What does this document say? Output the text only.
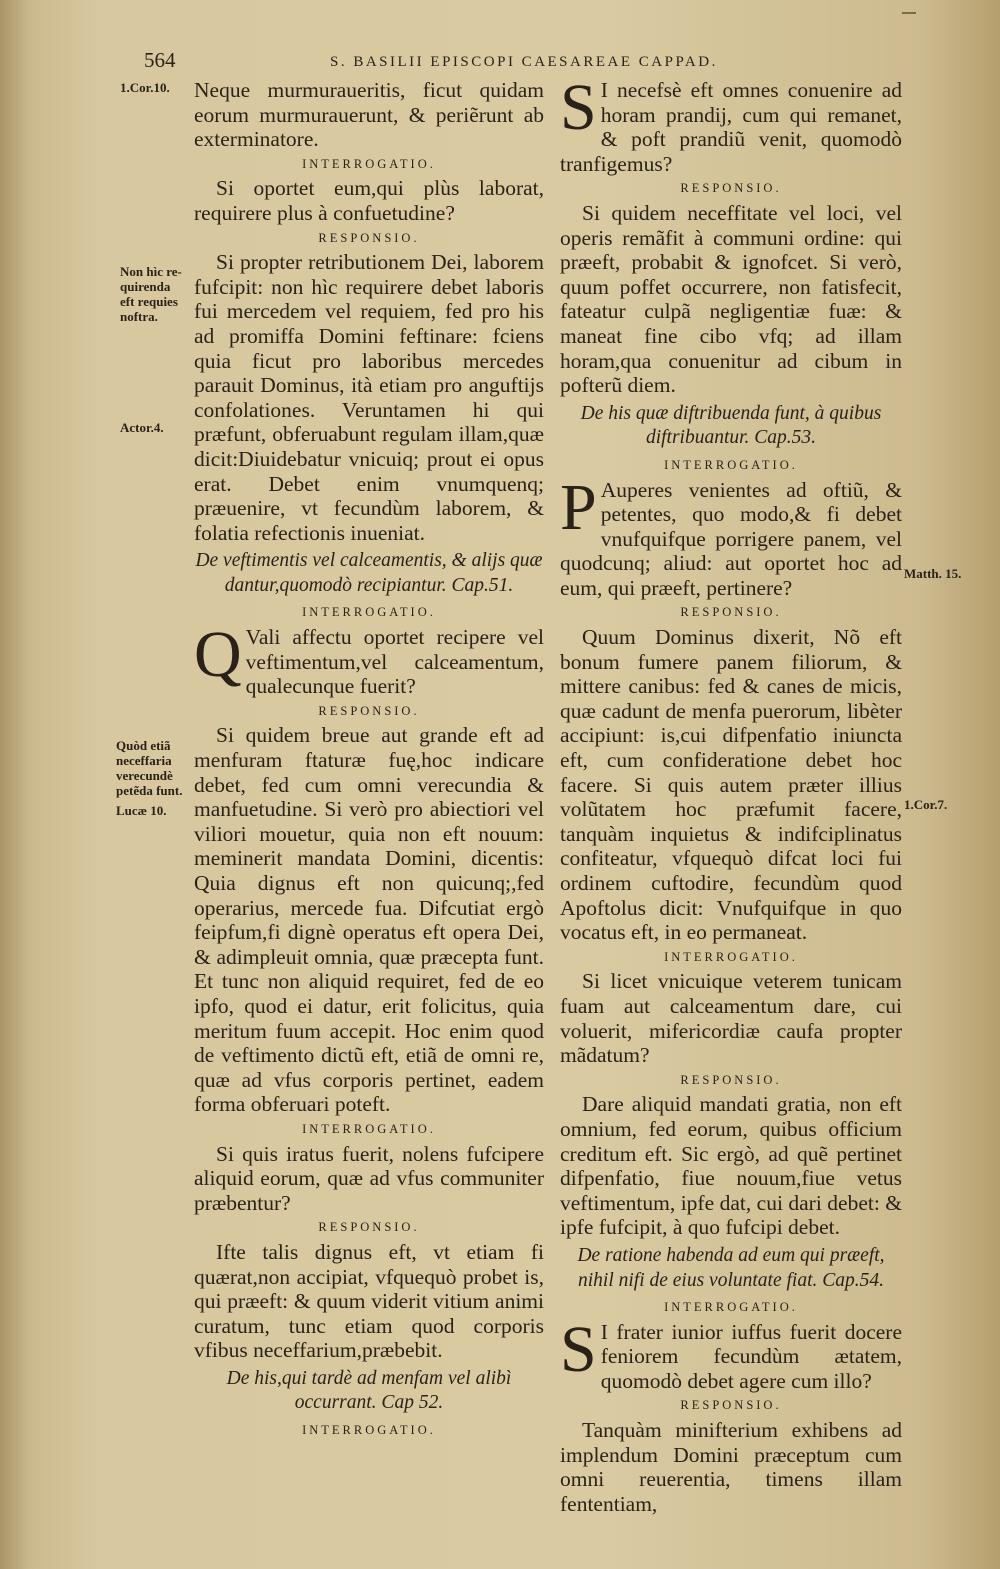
564	S. BASILII EPISCOPI CAESAREAE CAPPAD.

Neque murmuraueritis, ficut quidam eorum murmurauerunt, & periẽrunt ab exterminatore.

INTERROGATIO.

Si oportet eum,qui plùs laborat, requirere plus à confuetudine?

RESPONSIO.

Si propter retributionem Dei, laborem fufcipit: non hìc requirere debet laboris fui mercedem vel requiem, fed pro his ad promiffa Domini feftinare: fciens quia ficut pro laboribus mercedes parauit Dominus, ità etiam pro anguftijs confolationes. Veruntamen hi qui præfunt, obferuabunt regulam illam,quæ dicit:Diuidebatur vnicuiq; prout ei opus erat. Debet enim vnumquenq; præuenire, vt fecundùm laborem, & folatia refectionis inueniat.

De veftimentis vel calceamentis, & alijs quæ dantur,quomodò recipiantur. Cap.51.

INTERROGATIO.

Q Vali affectu oportet recipere vel veftimentum,vel calceamentum, qualecunque fuerit?

RESPONSIO.

Si quidem breue aut grande eft ad menfuram ftaturæ fuę,hoc indicare debet, fed cum omni verecundia & manfuetudine. Si verò pro abiectiori vel viliori mouetur, quia non eft nouum: meminerit mandata Domini, dicentis: Quia dignus eft non quicunq;,fed operarius, mercede fua. Difcutiat ergò feipfum,fi dignè operatus eft opera Dei, & adimpleuit omnia, quæ præcepta funt. Et tunc non aliquid requiret, fed de eo ipfo, quod ei datur, erit folicitus, quia meritum fuum accepit. Hoc enim quod de veftimento dictũ eft, etiã de omni re, quæ ad vfus corporis pertinet, eadem forma obferuari poteft.

INTERROGATIO.

Si quis iratus fuerit, nolens fufcipere aliquid eorum, quæ ad vfus communiter præbentur?

RESPONSIO.

Ifte talis dignus eft, vt etiam fi quærat,non accipiat, vfquequò probet is, qui præeft: & quum viderit vitium animi curatum, tunc etiam quod corporis vfibus neceffarium,præbebit.

De his,qui tardè ad menfam vel alibì occurrant. Cap 52.

INTERROGATIO.

S I necefsè eft omnes conuenire ad horam prandij, cum qui remanet, & poft prandiũ venit, quomodò tranfigemus?

RESPONSIO.

Si quidem neceffitate vel loci, vel operis remãfit à communi ordine: qui præeft, probabit & ignofcet. Si verò, quum poffet occurrere, non fatisfecit, fateatur culpã negligentiæ fuæ: & maneat fine cibo vfq; ad illam horam,qua conuenitur ad cibum in pofterũ diem.

De his quæ diftribuenda funt, à quibus diftribuantur. Cap.53.

INTERROGATIO.

P Auperes venientes ad oftiũ, & petentes, quo modo,& fi debet vnufquifque porrigere panem, vel quodcunq; aliud: aut oportet hoc ad eum, qui præeft, pertinere?

RESPONSIO.

Quum Dominus dixerit, Nõ eft bonum fumere panem filiorum, & mittere canibus: fed & canes de micis, quæ cadunt de menfa puerorum, libèter accipiunt: is,cui difpenfatio iniuncta eft, cum confideratione debet hoc facere. Si quis autem præter illius volũtatem hoc præfumit facere, tanquàm inquietus & indifciplinatus confiteatur, vfquequò difcat loci fui ordinem cuftodire, fecundùm quod Apoftolus dicit: Vnufquifque in quo vocatus eft, in eo permaneat.

INTERROGATIO.

Si licet vnicuique veterem tunicam fuam aut calceamentum dare, cui voluerit, mifericordiæ caufa propter mãdatum?

RESPONSIO.

Dare aliquid mandati gratia, non eft omnium, fed eorum, quibus officium creditum eft. Sic ergò, ad quẽ pertinet difpenfatio, fiue nouum,fiue vetus veftimentum, ipfe dat, cui dari debet: & ipfe fufcipit, à quo fufcipi debet.

De ratione habenda ad eum qui præeft, nihil nifi de eius voluntate fiat. Cap.54.

INTERROGATIO.

S I frater iunior iuffus fuerit docere feniorem fecundùm ætatem, quomodò debet agere cum illo?

RESPONSIO.

Tanquàm minifterium exhibens ad implendum Domini præceptum cum omni reuerentia, timens illam fententiam,

1.Cor.10.
Non hìc re-
quirenda
eft requies
noftra.
Actor.4.
Quòd etiã
neceffaria
verecundè
petẽda funt.
Lucæ 10.
Matth. 15.
1.Cor.7.
